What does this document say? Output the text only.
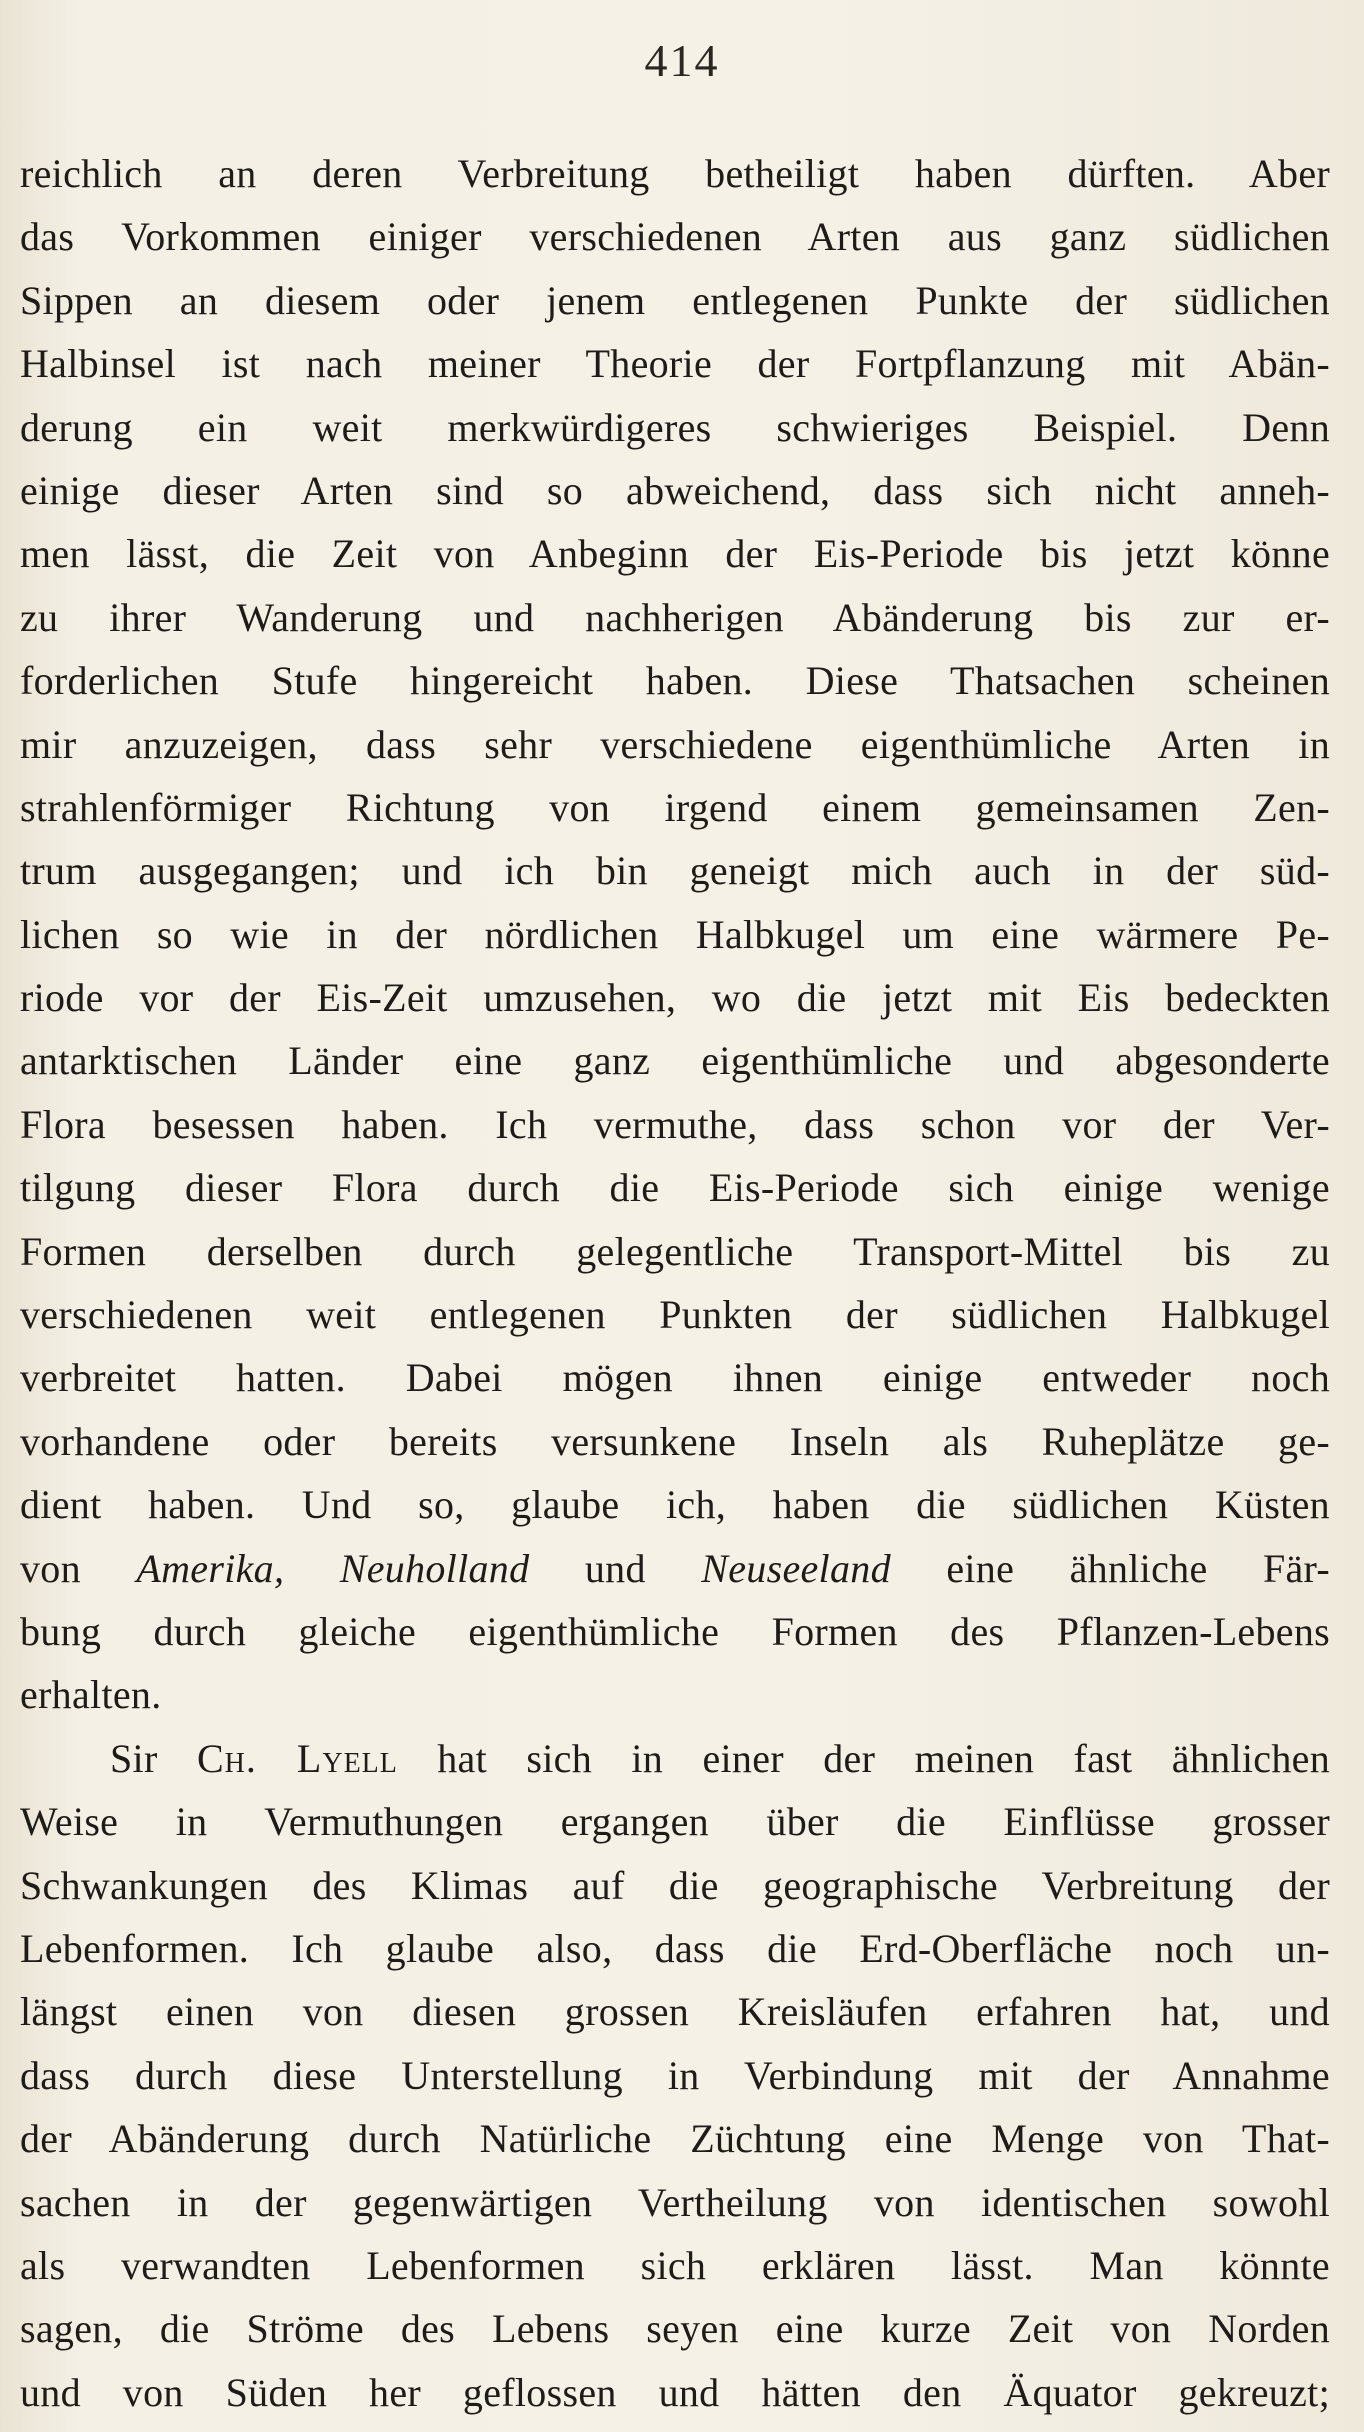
414
reichlich an deren Verbreitung betheiligt haben dürften. Aber
das Vorkommen einiger verschiedenen Arten aus ganz südlichen
Sippen an diesem oder jenem entlegenen Punkte der südlichen
Halbinsel ist nach meiner Theorie der Fortpflanzung mit Abän-
derung ein weit merkwürdigeres schwieriges Beispiel. Denn
einige dieser Arten sind so abweichend, dass sich nicht anneh-
men lässt, die Zeit von Anbeginn der Eis-Periode bis jetzt könne
zu ihrer Wanderung und nachherigen Abänderung bis zur er-
forderlichen Stufe hingereicht haben. Diese Thatsachen scheinen
mir anzuzeigen, dass sehr verschiedene eigenthümliche Arten in
strahlenförmiger Richtung von irgend einem gemeinsamen Zen-
trum ausgegangen; und ich bin geneigt mich auch in der süd-
lichen so wie in der nördlichen Halbkugel um eine wärmere Pe-
riode vor der Eis-Zeit umzusehen, wo die jetzt mit Eis bedeckten
antarktischen Länder eine ganz eigenthümliche und abgesonderte
Flora besessen haben. Ich vermuthe, dass schon vor der Ver-
tilgung dieser Flora durch die Eis-Periode sich einige wenige
Formen derselben durch gelegentliche Transport-Mittel bis zu
verschiedenen weit entlegenen Punkten der südlichen Halbkugel
verbreitet hatten. Dabei mögen ihnen einige entweder noch
vorhandene oder bereits versunkene Inseln als Ruheplätze ge-
dient haben. Und so, glaube ich, haben die südlichen Küsten
von Amerika, Neuholland und Neuseeland eine ähnliche Fär-
bung durch gleiche eigenthümliche Formen des Pflanzen-Lebens
erhalten.
Sir Ch. Lyell hat sich in einer der meinen fast ähnlichen
Weise in Vermuthungen ergangen über die Einflüsse grosser
Schwankungen des Klimas auf die geographische Verbreitung der
Lebenformen. Ich glaube also, dass die Erd-Oberfläche noch un-
längst einen von diesen grossen Kreisläufen erfahren hat, und
dass durch diese Unterstellung in Verbindung mit der Annahme
der Abänderung durch Natürliche Züchtung eine Menge von That-
sachen in der gegenwärtigen Vertheilung von identischen sowohl
als verwandten Lebenformen sich erklären lässt. Man könnte
sagen, die Ströme des Lebens seyen eine kurze Zeit von Norden
und von Süden her geflossen und hätten den Äquator gekreuzt;
